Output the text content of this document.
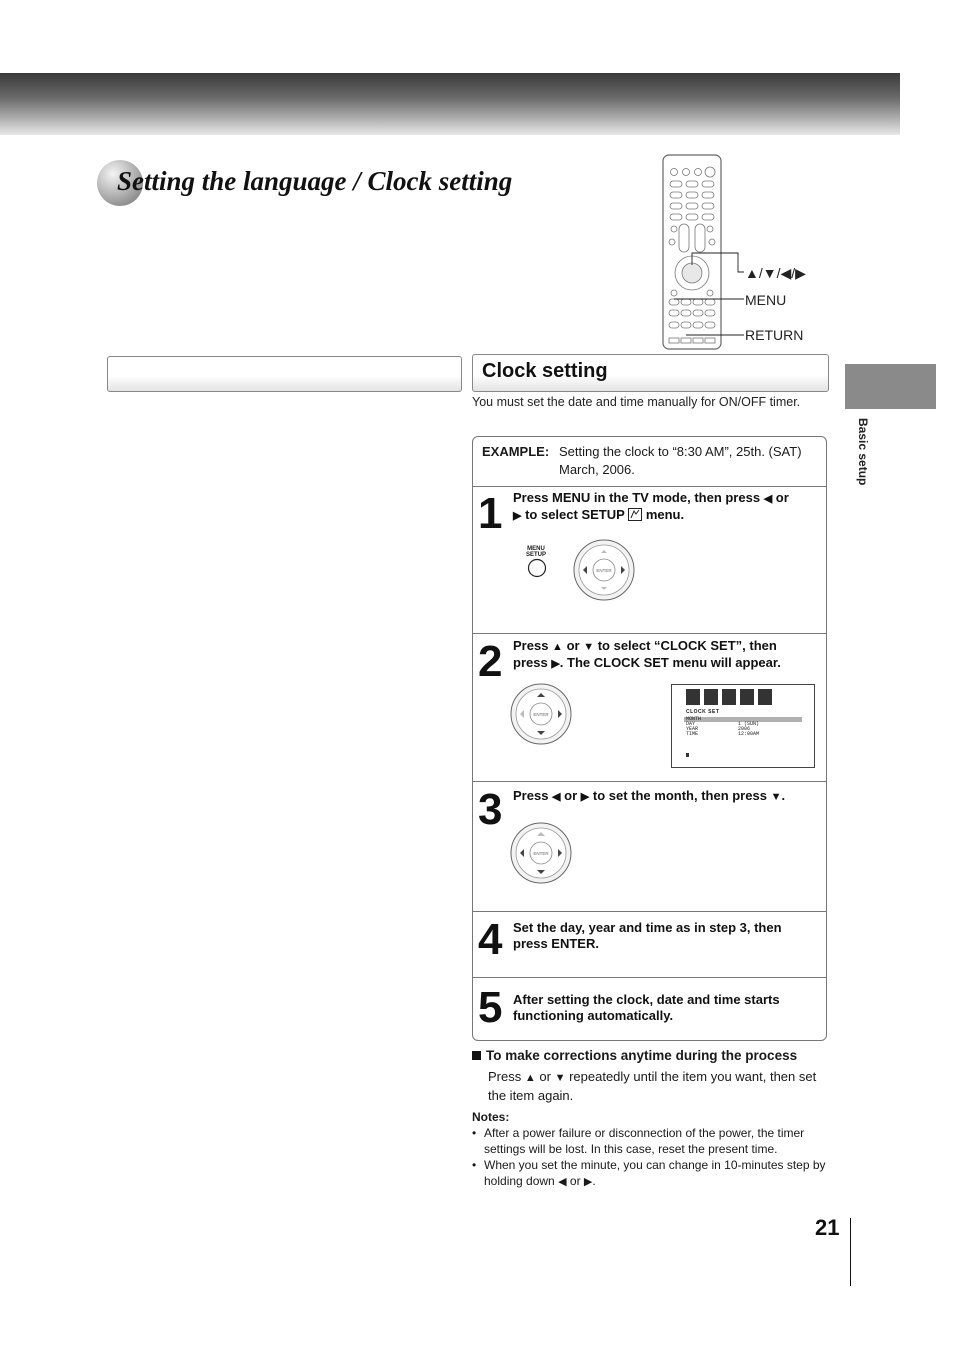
Setting the language / Clock setting
▲/▼/◀/▶
MENU
RETURN
Clock setting
You must set the date and time manually for ON/OFF timer.
Basic setup
EXAMPLE: Setting the clock to “8:30 AM”, 25th. (SAT) March, 2006.
1 Press MENU in the TV mode, then press ◀ or
▶ to select SETUP menu.
MENU
SETUP
ENTER
2 Press ▲ or ▼ to select “CLOCK SET”, then press ▶. The CLOCK SET menu will appear.
ENTER	CLOCK SET
MONTH
DAY	1 (SUN)
YEAR	2006
TIME	12:00AM
3 Press ◀ or ▶ to set the month, then press ▼.
ENTER
4 Set the day, year and time as in step 3, then press ENTER.
5 After setting the clock, date and time starts functioning automatically.
To make corrections anytime during the process
Press ▲ or ▼ repeatedly until the item you want, then set the item again.
Notes:
• After a power failure or disconnection of the power, the timer settings will be lost. In this case, reset the present time.
• When you set the minute, you can change in 10-minutes step by holding down ◀ or ▶.
21
